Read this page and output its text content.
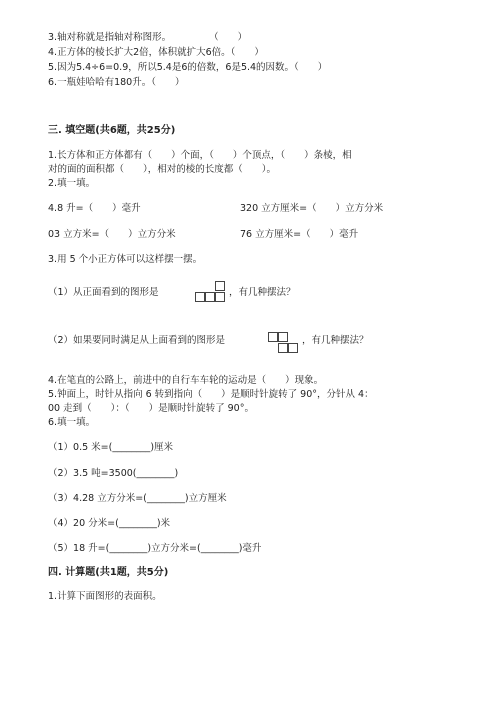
3.轴对称就是指轴对称图形。　　　　　（　　）
4.正方体的棱长扩大2倍，体积就扩大6倍。（　　）
5.因为5.4÷6=0.9，所以5.4是6的倍数，6是5.4的因数。（　　）
6.一瓶娃哈哈有180升。（　　）
三. 填空题(共6题，共25分)
1.长方体和正方体都有（　　）个面，（　　）个顶点，（　　）条棱，相
对的面的面积都（　　），相对的棱的长度都（　　）。
2.填一填。
4.8 升=（　　）毫升	320 立方厘米=（　　）立方分米
03 立方米=（　　）立方分米	76 立方厘米=（　　）毫升
3.用 5 个小正方体可以这样摆一摆。
（1）从正面看到的图形是	，有几种摆法？
（2）如果要同时满足从上面看到的图形是	，有几种摆法？
4.在笔直的公路上，前进中的自行车车轮的运动是（　　）现象。
5.钟面上，时针从指向 6 转到指向（　　）是顺时针旋转了 90°，分针从 4：
00 走到（　　）：（　　）是顺时针旋转了 90°。
6.填一填。
（1）0.5 米=(________)厘米
（2）3.5 吨=3500(________)
（3）4.28 立方分米=(________)立方厘米
（4）20 分米=(________)米
（5）18 升=(________)立方分米=(________)毫升
四. 计算题(共1题，共5分)
1.计算下面图形的表面积。
